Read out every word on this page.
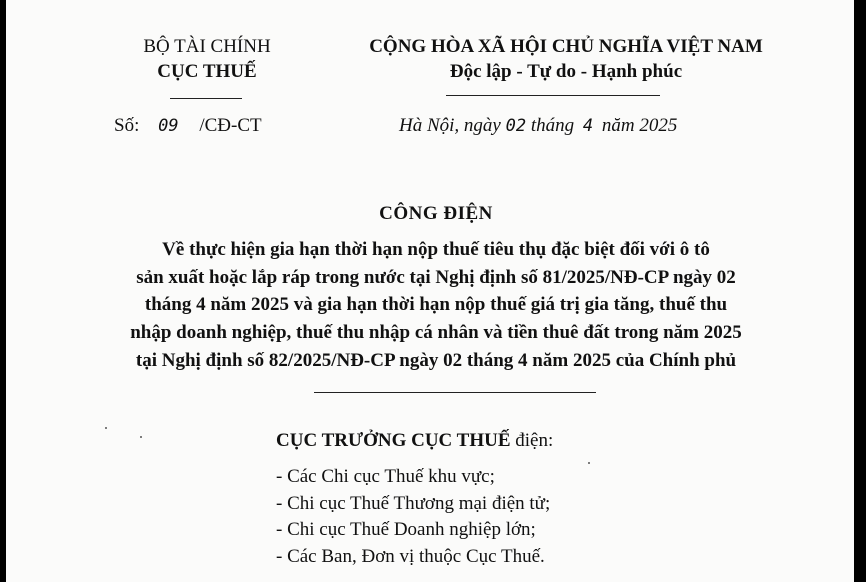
BỘ TÀI CHÍNH
CỤC THUẾ
CỘNG HÒA XÃ HỘI CHỦ NGHĨA VIỆT NAM
Độc lập - Tự do - Hạnh phúc
Số: 09 /CĐ-CT	Hà Nội, ngày 02 tháng 4 năm 2025
CÔNG ĐIỆN
Về thực hiện gia hạn thời hạn nộp thuế tiêu thụ đặc biệt đối với ô tô
sản xuất hoặc lắp ráp trong nước tại Nghị định số 81/2025/NĐ-CP ngày 02
tháng 4 năm 2025 và gia hạn thời hạn nộp thuế giá trị gia tăng, thuế thu
nhập doanh nghiệp, thuế thu nhập cá nhân và tiền thuê đất trong năm 2025
tại Nghị định số 82/2025/NĐ-CP ngày 02 tháng 4 năm 2025 của Chính phủ
CỤC TRƯỞNG CỤC THUẾ điện:
- Các Chi cục Thuế khu vực;
- Chi cục Thuế Thương mại điện tử;
- Chi cục Thuế Doanh nghiệp lớn;
- Các Ban, Đơn vị thuộc Cục Thuế.
